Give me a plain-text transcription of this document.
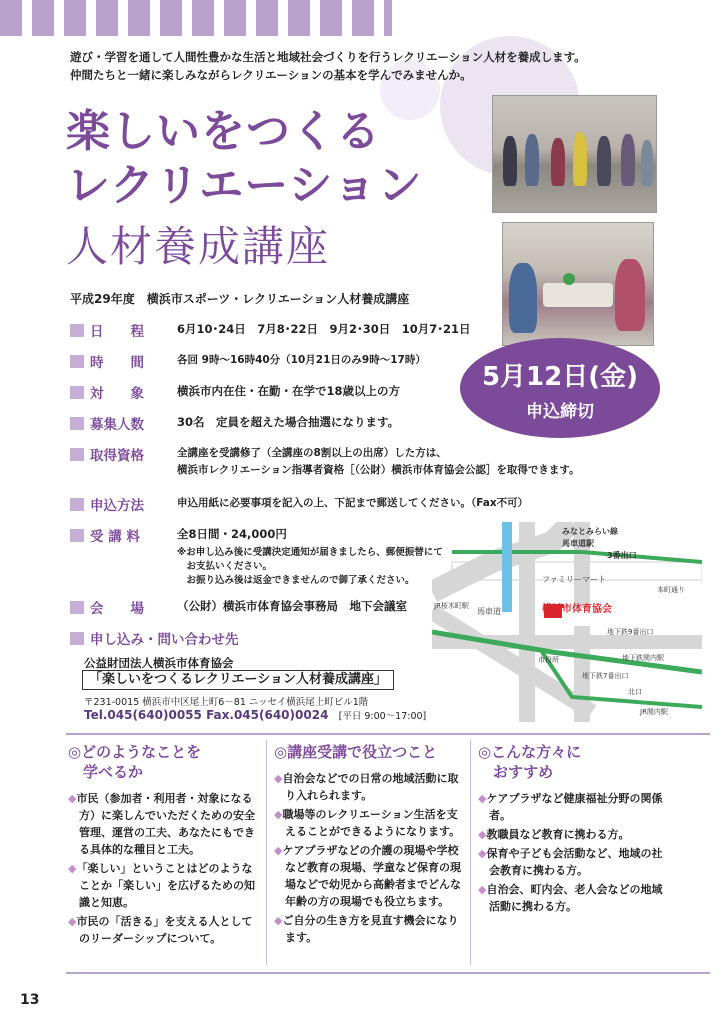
遊び・学習を通して人間性豊かな生活と地域社会づくりを行うレクリエーション人材を養成します。
仲間たちと一緒に楽しみながらレクリエーションの基本を学んでみませんか。
楽しいをつくる
レクリエーション
人材養成講座
平成29年度　横浜市スポーツ・レクリエーション人材養成講座
日　　程	6月10･24日　7月8･22日　9月2･30日　10月7･21日
時　　間	各回 9時〜16時40分（10月21日のみ9時〜17時）
対　　象	横浜市内在住・在勤・在学で18歳以上の方
募集人数	30名　定員を超えた場合抽選になります。
取得資格	全講座を受講修了（全講座の8割以上の出席）した方は、
横浜市レクリエーション指導者資格［（公財）横浜市体育協会公認］を取得できます。
申込方法	申込用紙に必要事項を記入の上、下記まで郵送してください。（Fax不可）
受 講 料	全8日間・24,000円
※お申し込み後に受講決定通知が届きましたら、郵便振替にて
　お支払いください。
　お振り込み後は返金できませんので御了承ください。
会　　場	（公財）横浜市体育協会事務局　地下会議室
5月12日(金)
申込締切
申し込み・問い合わせ先
公益財団法人横浜市体育協会
「楽しいをつくるレクリエーション人材養成講座」
〒231-0015 横浜市中区尾上町6－81 ニッセイ横浜尾上町ビル1階
Tel.045(640)0055 Fax.045(640)0024 [平日 9:00〜17:00]
横浜市体育協会
みなとみらい線
馬車道駅
3番出口
ファミリーマート
馬車道
JR桜木町駅
地下鉄9番出口
地下鉄関内駅
市役所
地下鉄7番出口
北口
JR関内駅
本町通り
◎どのようなことを
　学べるか
◆市民（参加者・利用者・対象になる方）に楽しんでいただくための安全管理、運営の工夫、あなたにもできる具体的な種目と工夫。
◆「楽しい」ということはどのようなことか「楽しい」を広げるための知識と知恵。
◆市民の「活きる」を支える人としてのリーダーシップについて。
◎講座受講で役立つこと
◆自治会などでの日常の地域活動に取り入れられます。
◆職場等のレクリエーション生活を支えることができるようになります。
◆ケアプラザなどの介護の現場や学校など教育の現場、学童など保育の現場などで幼児から高齢者までどんな年齢の方の現場でも役立ちます。
◆ご自分の生き方を見直す機会になります。
◎こんな方々に
　おすすめ
◆ケアプラザなど健康福祉分野の関係者。
◆教職員など教育に携わる方。
◆保育や子ども会活動など、地域の社会教育に携わる方。
◆自治会、町内会、老人会などの地域活動に携わる方。
13
